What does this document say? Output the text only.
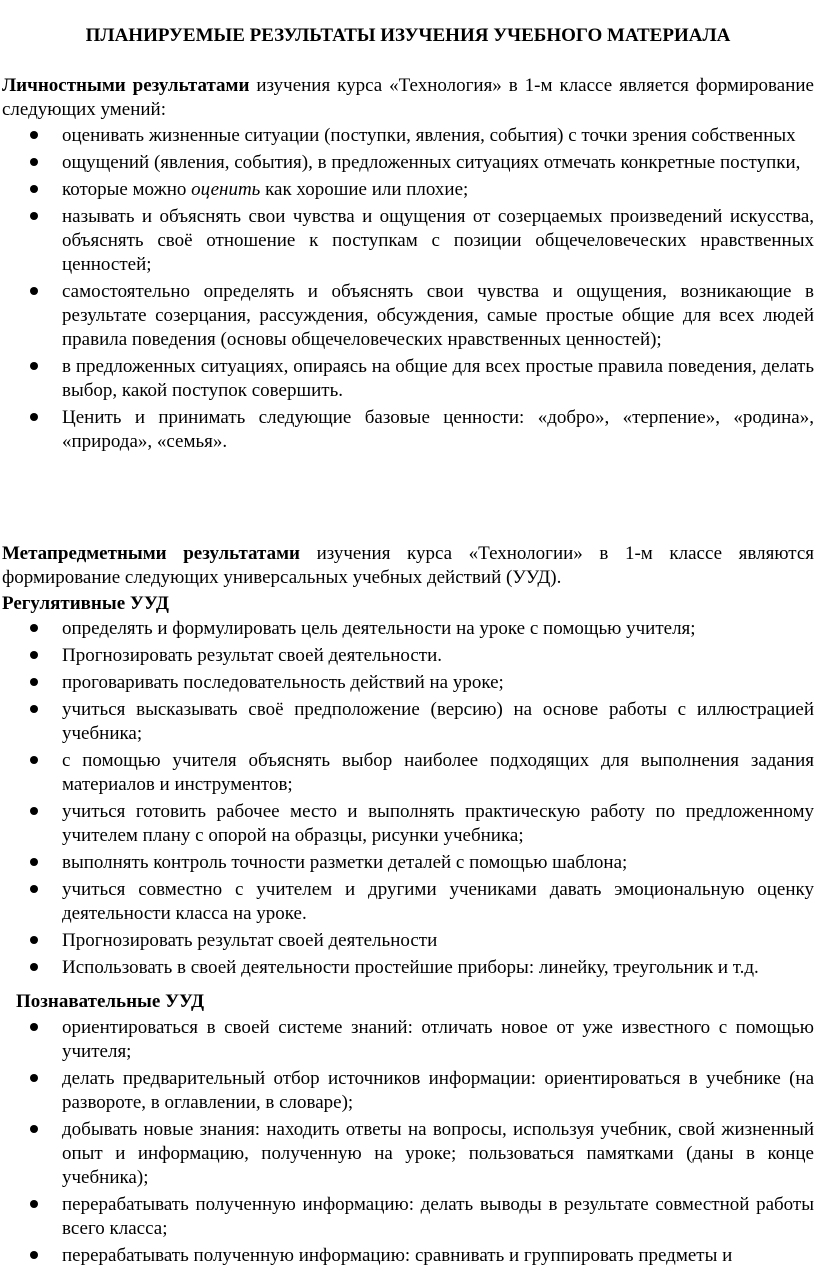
ПЛАНИРУЕМЫЕ РЕЗУЛЬТАТЫ ИЗУЧЕНИЯ УЧЕБНОГО МАТЕРИАЛА
Личностными результатами изучения курса «Технология» в 1-м классе является формирование следующих умений:
оценивать жизненные ситуации (поступки, явления, события) с точки зрения собственных
ощущений (явления, события), в предложенных ситуациях отмечать конкретные поступки,
которые можно оценить как хорошие или плохие;
называть и объяснять свои чувства и ощущения от созерцаемых произведений искусства, объяснять своё отношение к поступкам с позиции общечеловеческих нравственных ценностей;
самостоятельно определять и объяснять свои чувства и ощущения, возникающие в результате созерцания, рассуждения, обсуждения, самые простые общие для всех людей правила поведения (основы общечеловеческих нравственных ценностей);
в предложенных ситуациях, опираясь на общие для всех простые правила поведения, делать выбор, какой поступок совершить.
Ценить и принимать следующие базовые ценности: «добро», «терпение», «родина», «природа», «семья».
Метапредметными результатами изучения курса «Технологии» в 1-м классе являются формирование следующих универсальных учебных действий (УУД).
Регулятивные УУД
определять и формулировать цель деятельности на уроке с помощью учителя;
Прогнозировать результат своей деятельности.
проговаривать последовательность действий на уроке;
учиться высказывать своё предположение (версию) на основе работы с иллюстрацией учебника;
с помощью учителя объяснять выбор наиболее подходящих для выполнения задания материалов и инструментов;
учиться готовить рабочее место и выполнять практическую работу по предложенному учителем плану с опорой на образцы, рисунки учебника;
выполнять контроль точности разметки деталей с помощью шаблона;
учиться совместно с учителем и другими учениками давать эмоциональную оценку деятельности класса на уроке.
Прогнозировать результат своей деятельности
Использовать в своей деятельности простейшие приборы: линейку, треугольник и т.д.
Познавательные УУД
ориентироваться в своей системе знаний: отличать новое от уже известного с помощью учителя;
делать предварительный отбор источников информации: ориентироваться в учебнике (на развороте, в оглавлении, в словаре);
добывать новые знания: находить ответы на вопросы, используя учебник, свой жизненный опыт и информацию, полученную на уроке; пользоваться памятками (даны в конце учебника);
перерабатывать полученную информацию: делать выводы в результате совместной работы всего класса;
перерабатывать полученную информацию: сравнивать и группировать предметы и
